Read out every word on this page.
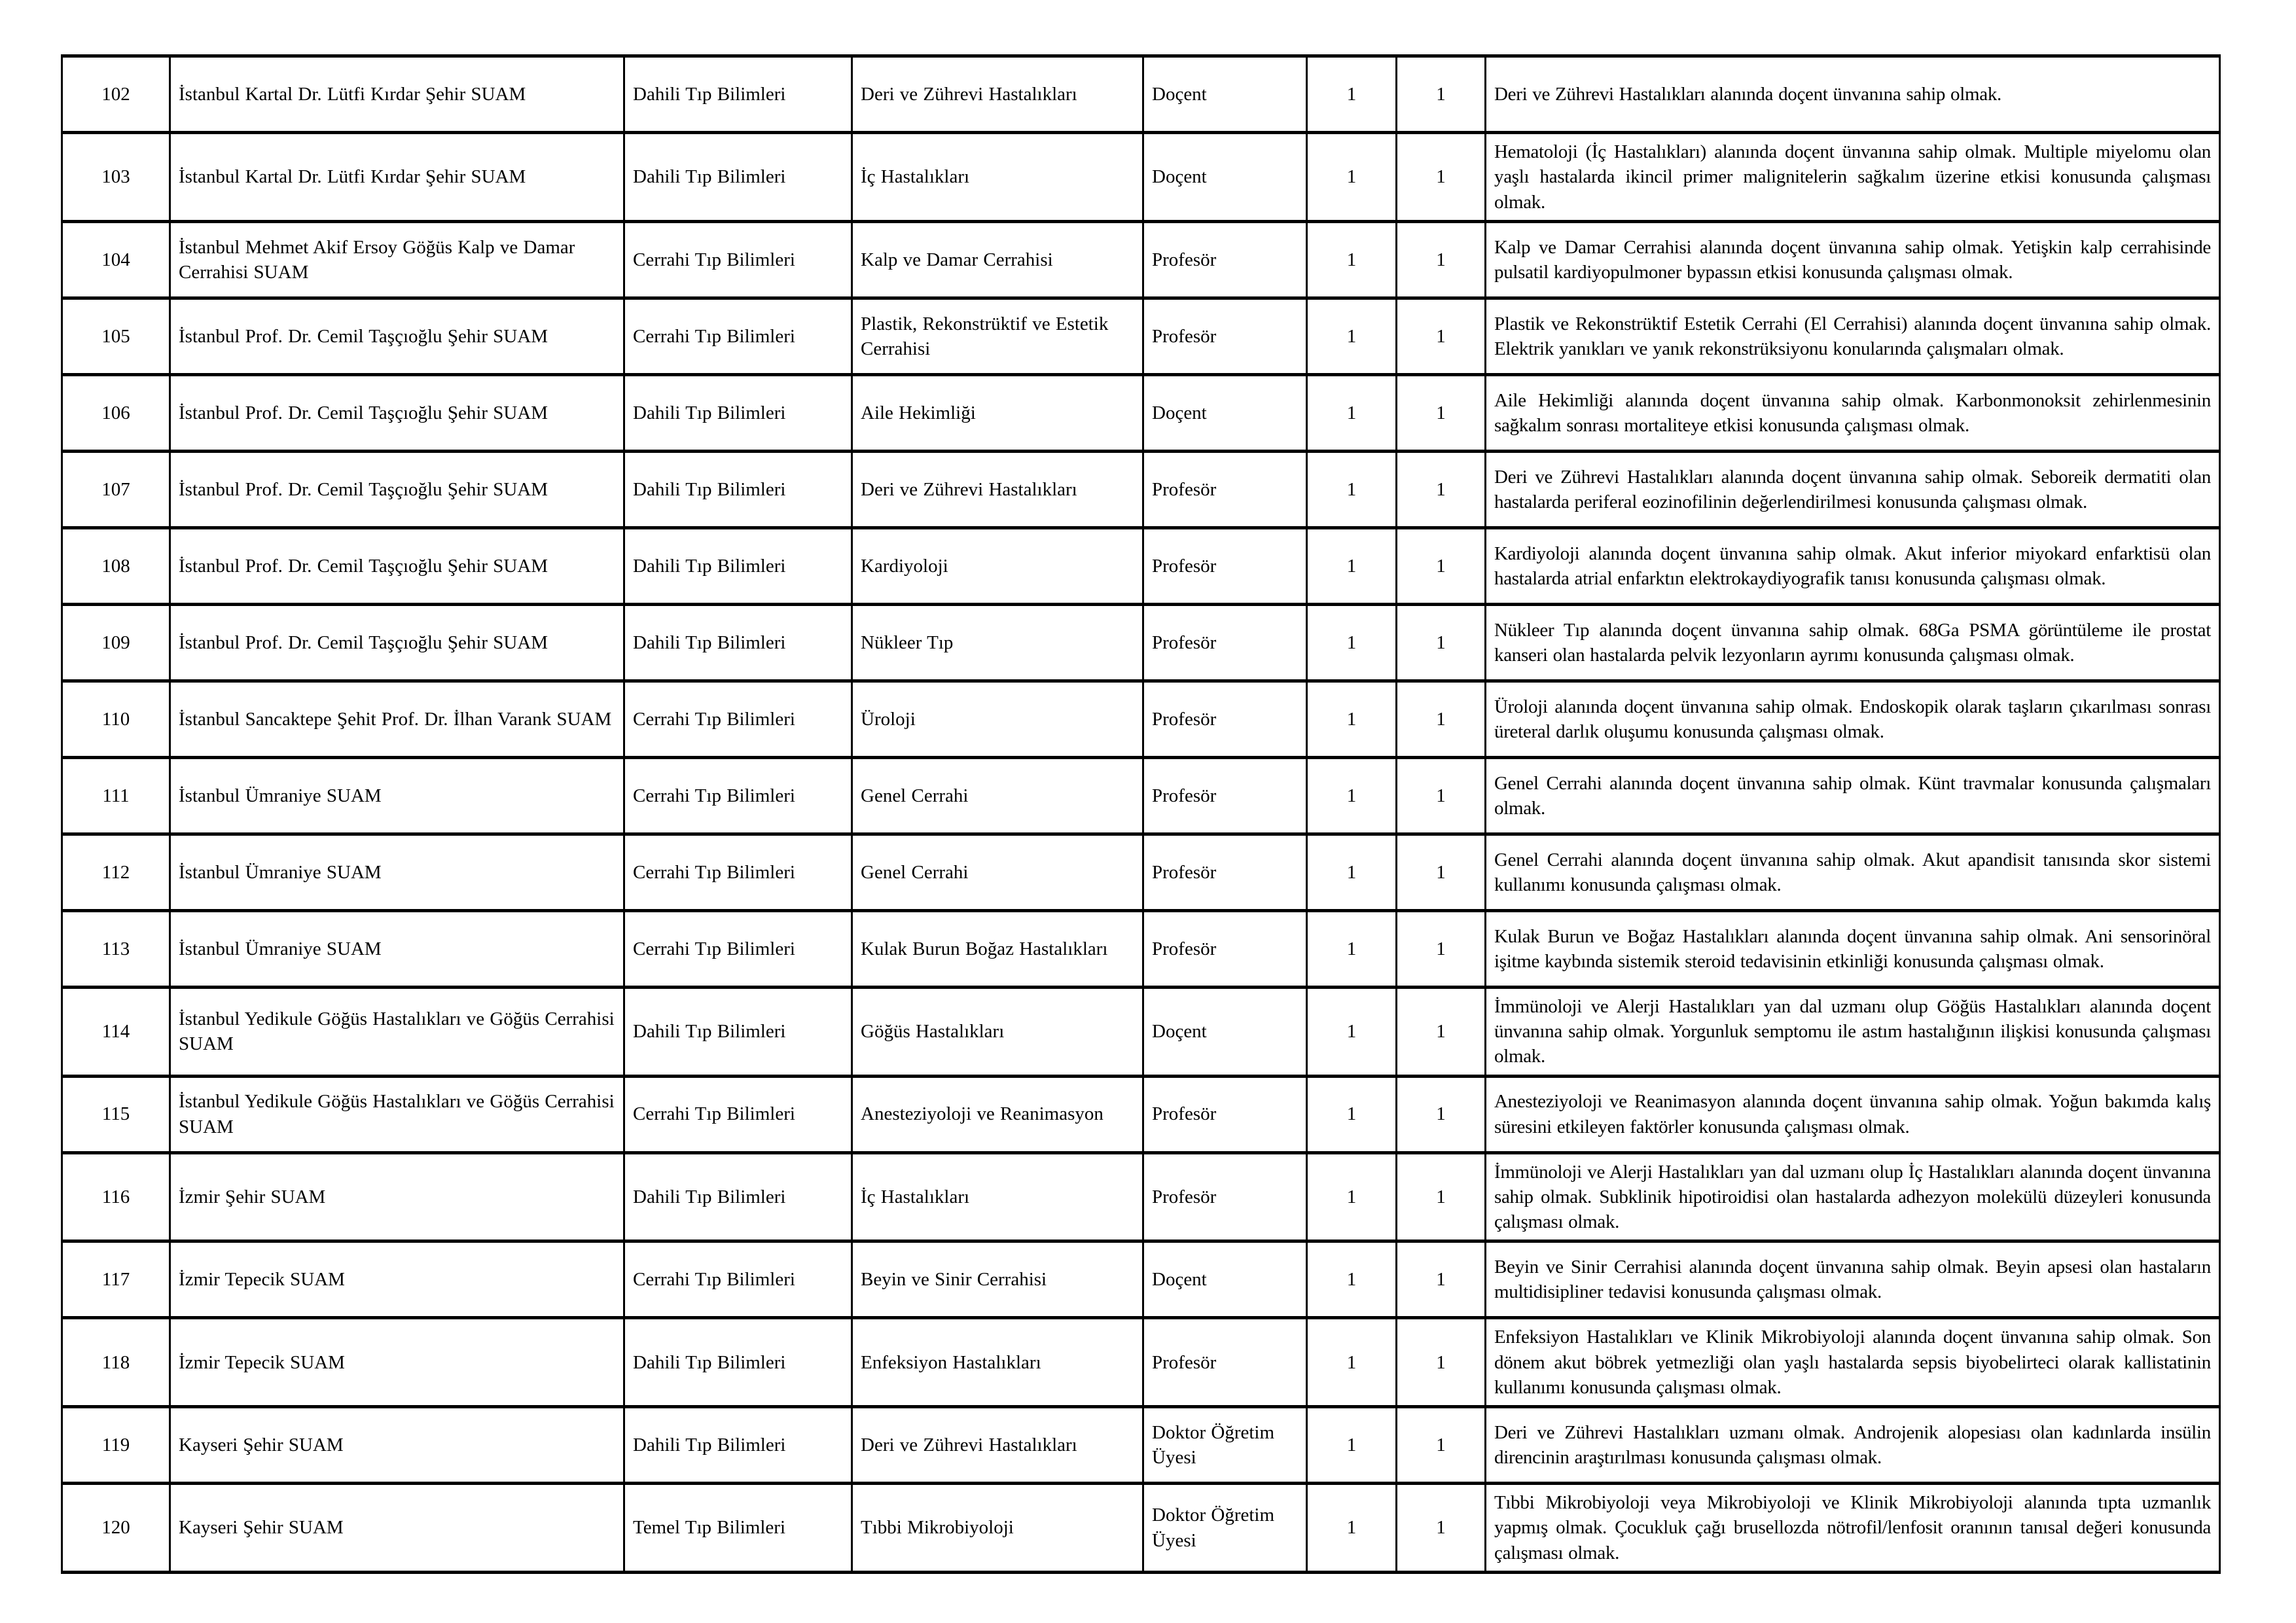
102	İstanbul Kartal Dr. Lütfi Kırdar Şehir SUAM	Dahili Tıp Bilimleri	Deri ve Zührevi Hastalıkları	Doçent	1	1	Deri ve Zührevi Hastalıkları alanında doçent ünvanına sahip olmak.
103	İstanbul Kartal Dr. Lütfi Kırdar Şehir SUAM	Dahili Tıp Bilimleri	İç Hastalıkları	Doçent	1	1	Hematoloji (İç Hastalıkları) alanında doçent ünvanına sahip olmak. Multiple miyelomu olan yaşlı hastalarda ikincil primer malignitelerin sağkalım üzerine etkisi konusunda çalışması olmak.
104	İstanbul Mehmet Akif Ersoy Göğüs Kalp ve Damar Cerrahisi SUAM	Cerrahi Tıp Bilimleri	Kalp ve Damar Cerrahisi	Profesör	1	1	Kalp ve Damar Cerrahisi alanında doçent ünvanına sahip olmak. Yetişkin kalp cerrahisinde pulsatil kardiyopulmoner bypassın etkisi konusunda çalışması olmak.
105	İstanbul Prof. Dr. Cemil Taşçıoğlu Şehir SUAM	Cerrahi Tıp Bilimleri	Plastik, Rekonstrüktif ve Estetik Cerrahisi	Profesör	1	1	Plastik ve Rekonstrüktif Estetik Cerrahi (El Cerrahisi) alanında doçent ünvanına sahip olmak. Elektrik yanıkları ve yanık rekonstrüksiyonu konularında çalışmaları olmak.
106	İstanbul Prof. Dr. Cemil Taşçıoğlu Şehir SUAM	Dahili Tıp Bilimleri	Aile Hekimliği	Doçent	1	1	Aile Hekimliği alanında doçent ünvanına sahip olmak. Karbonmonoksit zehirlenmesinin sağkalım sonrası mortaliteye etkisi konusunda çalışması olmak.
107	İstanbul Prof. Dr. Cemil Taşçıoğlu Şehir SUAM	Dahili Tıp Bilimleri	Deri ve Zührevi Hastalıkları	Profesör	1	1	Deri ve Zührevi Hastalıkları alanında doçent ünvanına sahip olmak. Seboreik dermatiti olan hastalarda periferal eozinofilinin değerlendirilmesi konusunda çalışması olmak.
108	İstanbul Prof. Dr. Cemil Taşçıoğlu Şehir SUAM	Dahili Tıp Bilimleri	Kardiyoloji	Profesör	1	1	Kardiyoloji alanında doçent ünvanına sahip olmak. Akut inferior miyokard enfarktisü olan hastalarda atrial enfarktın elektrokaydiyografik tanısı konusunda çalışması olmak.
109	İstanbul Prof. Dr. Cemil Taşçıoğlu Şehir SUAM	Dahili Tıp Bilimleri	Nükleer Tıp	Profesör	1	1	Nükleer Tıp alanında doçent ünvanına sahip olmak. 68Ga PSMA görüntüleme ile prostat kanseri olan hastalarda pelvik lezyonların ayrımı konusunda çalışması olmak.
110	İstanbul Sancaktepe Şehit Prof. Dr. İlhan Varank SUAM	Cerrahi Tıp Bilimleri	Üroloji	Profesör	1	1	Üroloji alanında doçent ünvanına sahip olmak. Endoskopik olarak taşların çıkarılması sonrası üreteral darlık oluşumu konusunda çalışması olmak.
111	İstanbul Ümraniye SUAM	Cerrahi Tıp Bilimleri	Genel Cerrahi	Profesör	1	1	Genel Cerrahi alanında doçent ünvanına sahip olmak. Künt travmalar konusunda çalışmaları olmak.
112	İstanbul Ümraniye SUAM	Cerrahi Tıp Bilimleri	Genel Cerrahi	Profesör	1	1	Genel Cerrahi alanında doçent ünvanına sahip olmak. Akut apandisit tanısında skor sistemi kullanımı konusunda çalışması olmak.
113	İstanbul Ümraniye SUAM	Cerrahi Tıp Bilimleri	Kulak Burun Boğaz Hastalıkları	Profesör	1	1	Kulak Burun ve Boğaz Hastalıkları alanında doçent ünvanına sahip olmak. Ani sensorinöral işitme kaybında sistemik steroid tedavisinin etkinliği konusunda çalışması olmak.
114	İstanbul Yedikule Göğüs Hastalıkları ve Göğüs Cerrahisi SUAM	Dahili Tıp Bilimleri	Göğüs Hastalıkları	Doçent	1	1	İmmünoloji ve Alerji Hastalıkları yan dal uzmanı olup Göğüs Hastalıkları alanında doçent ünvanına sahip olmak. Yorgunluk semptomu ile astım hastalığının ilişkisi konusunda çalışması olmak.
115	İstanbul Yedikule Göğüs Hastalıkları ve Göğüs Cerrahisi SUAM	Cerrahi Tıp Bilimleri	Anesteziyoloji ve Reanimasyon	Profesör	1	1	Anesteziyoloji ve Reanimasyon alanında doçent ünvanına sahip olmak. Yoğun bakımda kalış süresini etkileyen faktörler konusunda çalışması olmak.
116	İzmir Şehir SUAM	Dahili Tıp Bilimleri	İç Hastalıkları	Profesör	1	1	İmmünoloji ve Alerji Hastalıkları yan dal uzmanı olup İç Hastalıkları alanında doçent ünvanına sahip olmak. Subklinik hipotiroidisi olan hastalarda adhezyon molekülü düzeyleri konusunda çalışması olmak.
117	İzmir Tepecik SUAM	Cerrahi Tıp Bilimleri	Beyin ve Sinir Cerrahisi	Doçent	1	1	Beyin ve Sinir Cerrahisi alanında doçent ünvanına sahip olmak. Beyin apsesi olan hastaların multidisipliner tedavisi konusunda çalışması olmak.
118	İzmir Tepecik SUAM	Dahili Tıp Bilimleri	Enfeksiyon Hastalıkları	Profesör	1	1	Enfeksiyon Hastalıkları ve Klinik Mikrobiyoloji alanında doçent ünvanına sahip olmak. Son dönem akut böbrek yetmezliği olan yaşlı hastalarda sepsis biyobelirteci olarak kallistatinin kullanımı konusunda çalışması olmak.
119	Kayseri Şehir SUAM	Dahili Tıp Bilimleri	Deri ve Zührevi Hastalıkları	Doktor Öğretim Üyesi	1	1	Deri ve Zührevi Hastalıkları uzmanı olmak. Androjenik alopesiası olan kadınlarda insülin direncinin araştırılması konusunda çalışması olmak.
120	Kayseri Şehir SUAM	Temel Tıp Bilimleri	Tıbbi Mikrobiyoloji	Doktor Öğretim Üyesi	1	1	Tıbbi Mikrobiyoloji veya Mikrobiyoloji ve Klinik Mikrobiyoloji alanında tıpta uzmanlık yapmış olmak. Çocukluk çağı brusellozda nötrofil/lenfosit oranının tanısal değeri konusunda çalışması olmak.
